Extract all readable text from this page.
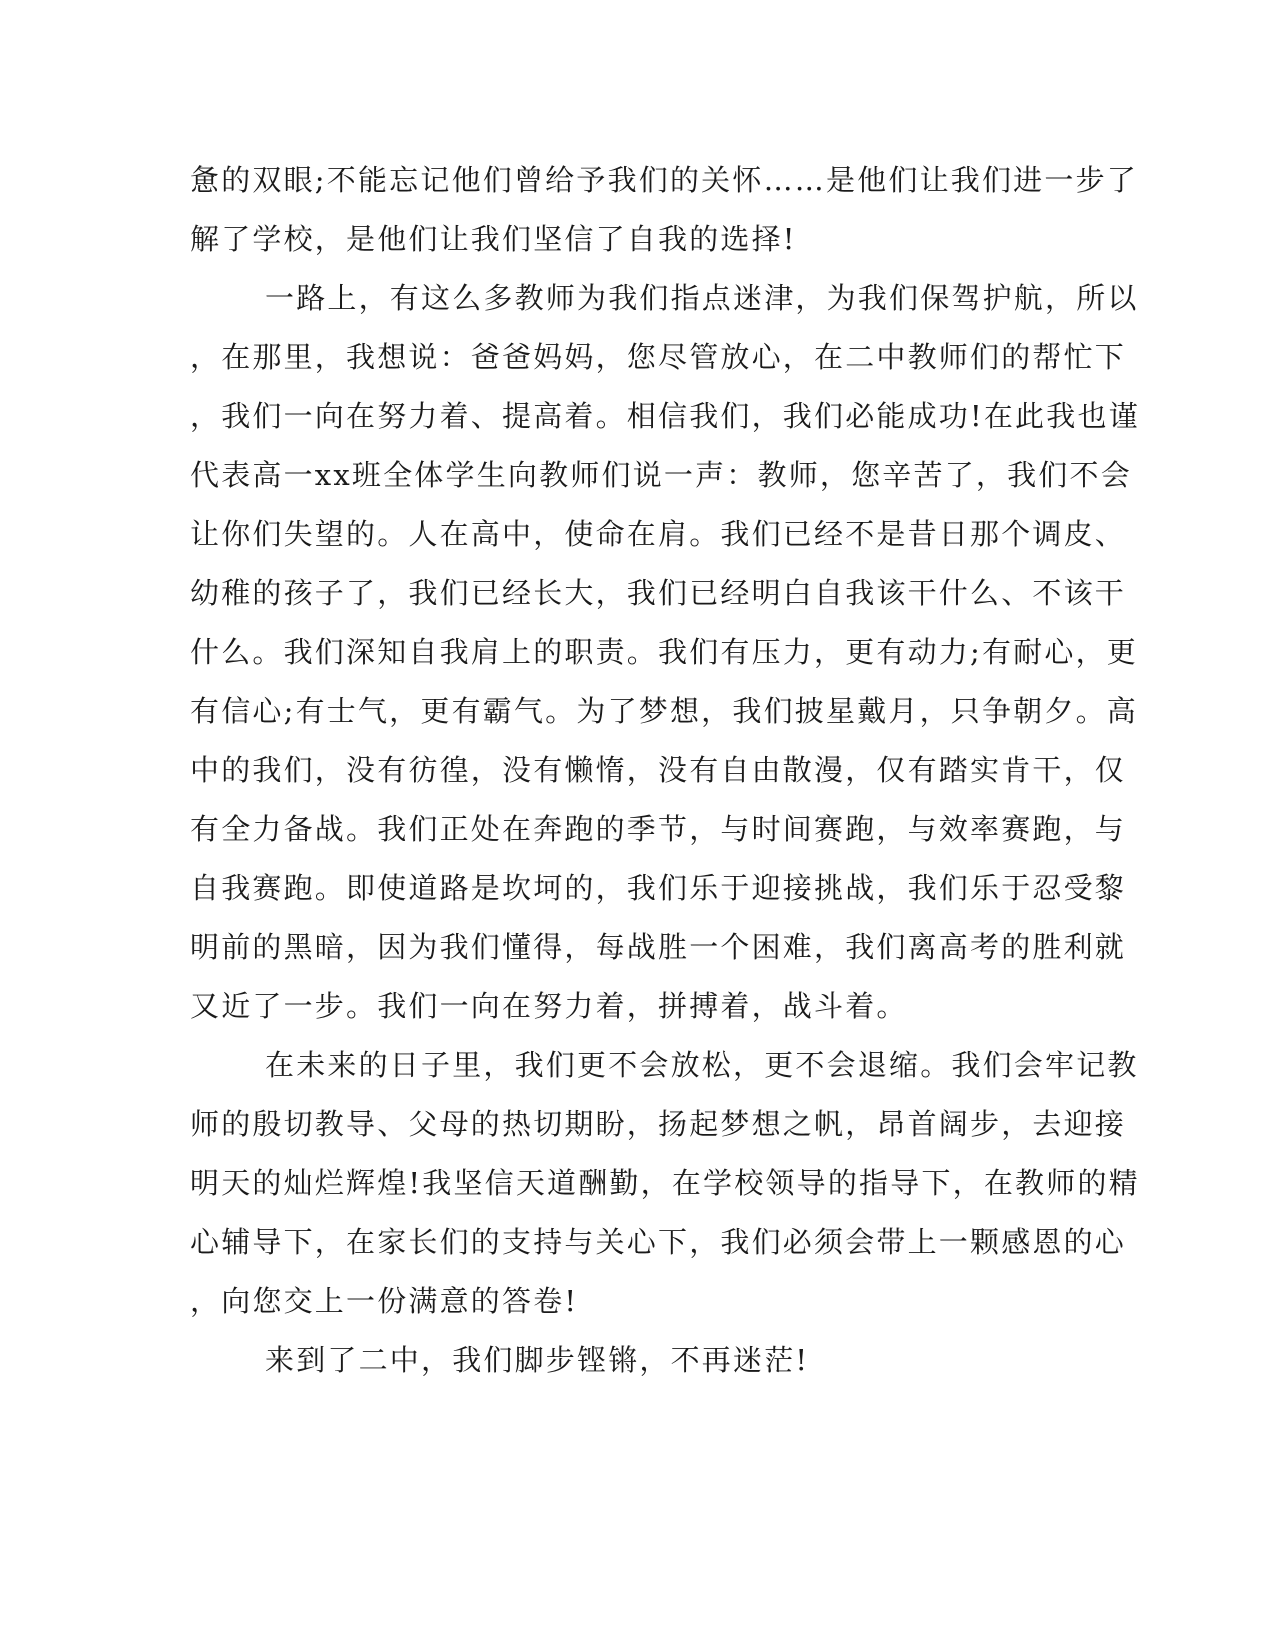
惫的双眼;不能忘记他们曾给予我们的关怀……是他们让我们进一步了
解了学校，是他们让我们坚信了自我的选择!
一路上，有这么多教师为我们指点迷津，为我们保驾护航，所以
，在那里，我想说：爸爸妈妈，您尽管放心，在二中教师们的帮忙下
，我们一向在努力着、提高着。相信我们，我们必能成功!在此我也谨
代表高一xx班全体学生向教师们说一声：教师，您辛苦了，我们不会
让你们失望的。人在高中，使命在肩。我们已经不是昔日那个调皮、
幼稚的孩子了，我们已经长大，我们已经明白自我该干什么、不该干
什么。我们深知自我肩上的职责。我们有压力，更有动力;有耐心，更
有信心;有士气，更有霸气。为了梦想，我们披星戴月，只争朝夕。高
中的我们，没有彷徨，没有懒惰，没有自由散漫，仅有踏实肯干，仅
有全力备战。我们正处在奔跑的季节，与时间赛跑，与效率赛跑，与
自我赛跑。即使道路是坎坷的，我们乐于迎接挑战，我们乐于忍受黎
明前的黑暗，因为我们懂得，每战胜一个困难，我们离高考的胜利就
又近了一步。我们一向在努力着，拼搏着，战斗着。
在未来的日子里，我们更不会放松，更不会退缩。我们会牢记教
师的殷切教导、父母的热切期盼，扬起梦想之帆，昂首阔步，去迎接
明天的灿烂辉煌!我坚信天道酬勤，在学校领导的指导下，在教师的精
心辅导下，在家长们的支持与关心下，我们必须会带上一颗感恩的心
，向您交上一份满意的答卷!
来到了二中，我们脚步铿锵，不再迷茫!
